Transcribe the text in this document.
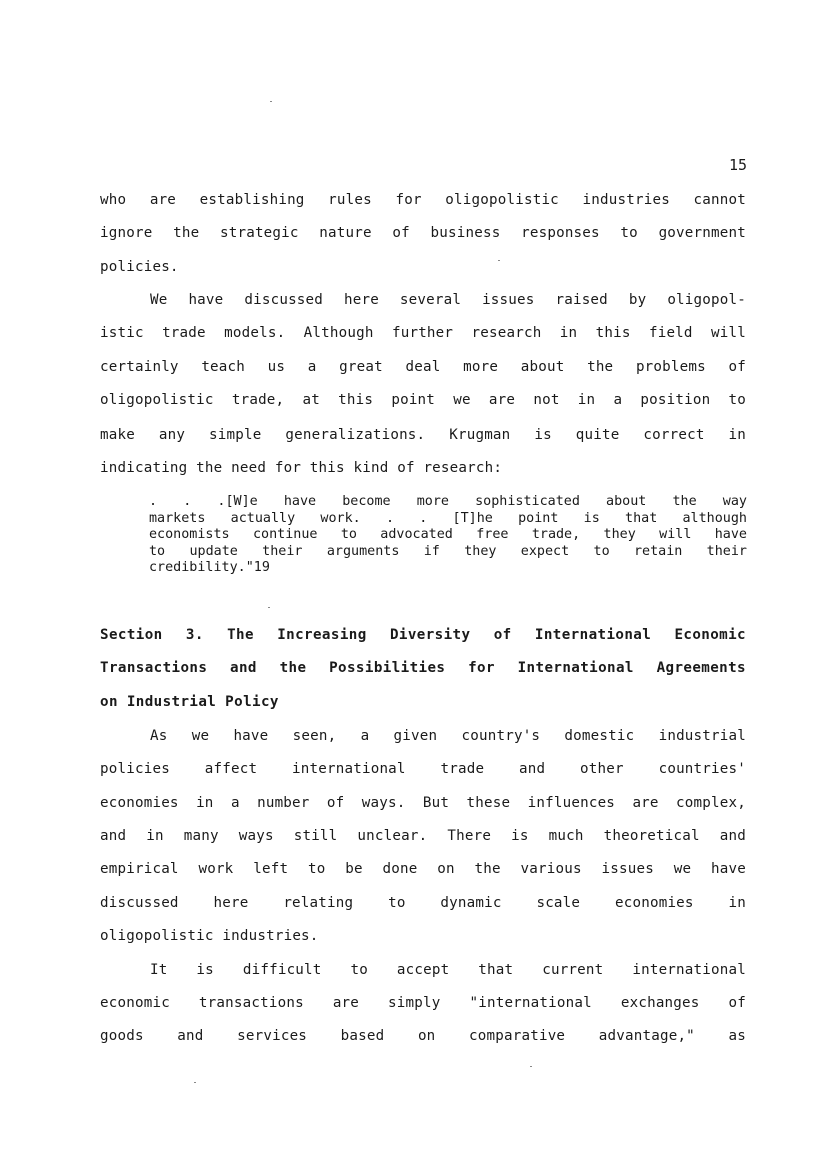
15
who are establishing rules for oligopolistic industries cannot
ignore the strategic nature of business responses to government
policies.
We have discussed here several issues raised by oligopol-
istic trade models. Although further research in this field will
certainly teach us a great deal more about the problems of
oligopolistic trade, at this point we are not in a position to
make any simple generalizations. Krugman is quite correct in
indicating the need for this kind of research:
. . .[W]e have become more sophisticated about the way
markets actually work. . . [T]he point is that although
economists continue to advocated free trade, they will have
to update their arguments if they expect to retain their
credibility."19
Section 3. The Increasing Diversity of International Economic
Transactions and the Possibilities for International Agreements
on Industrial Policy
As we have seen, a given country's domestic industrial
policies affect international trade and other countries'
economies in a number of ways. But these influences are complex,
and in many ways still unclear. There is much theoretical and
empirical work left to be done on the various issues we have
discussed here relating to dynamic scale economies in
oligopolistic industries.
It is difficult to accept that current international
economic transactions are simply "international exchanges of
goods and services based on comparative advantage," as
